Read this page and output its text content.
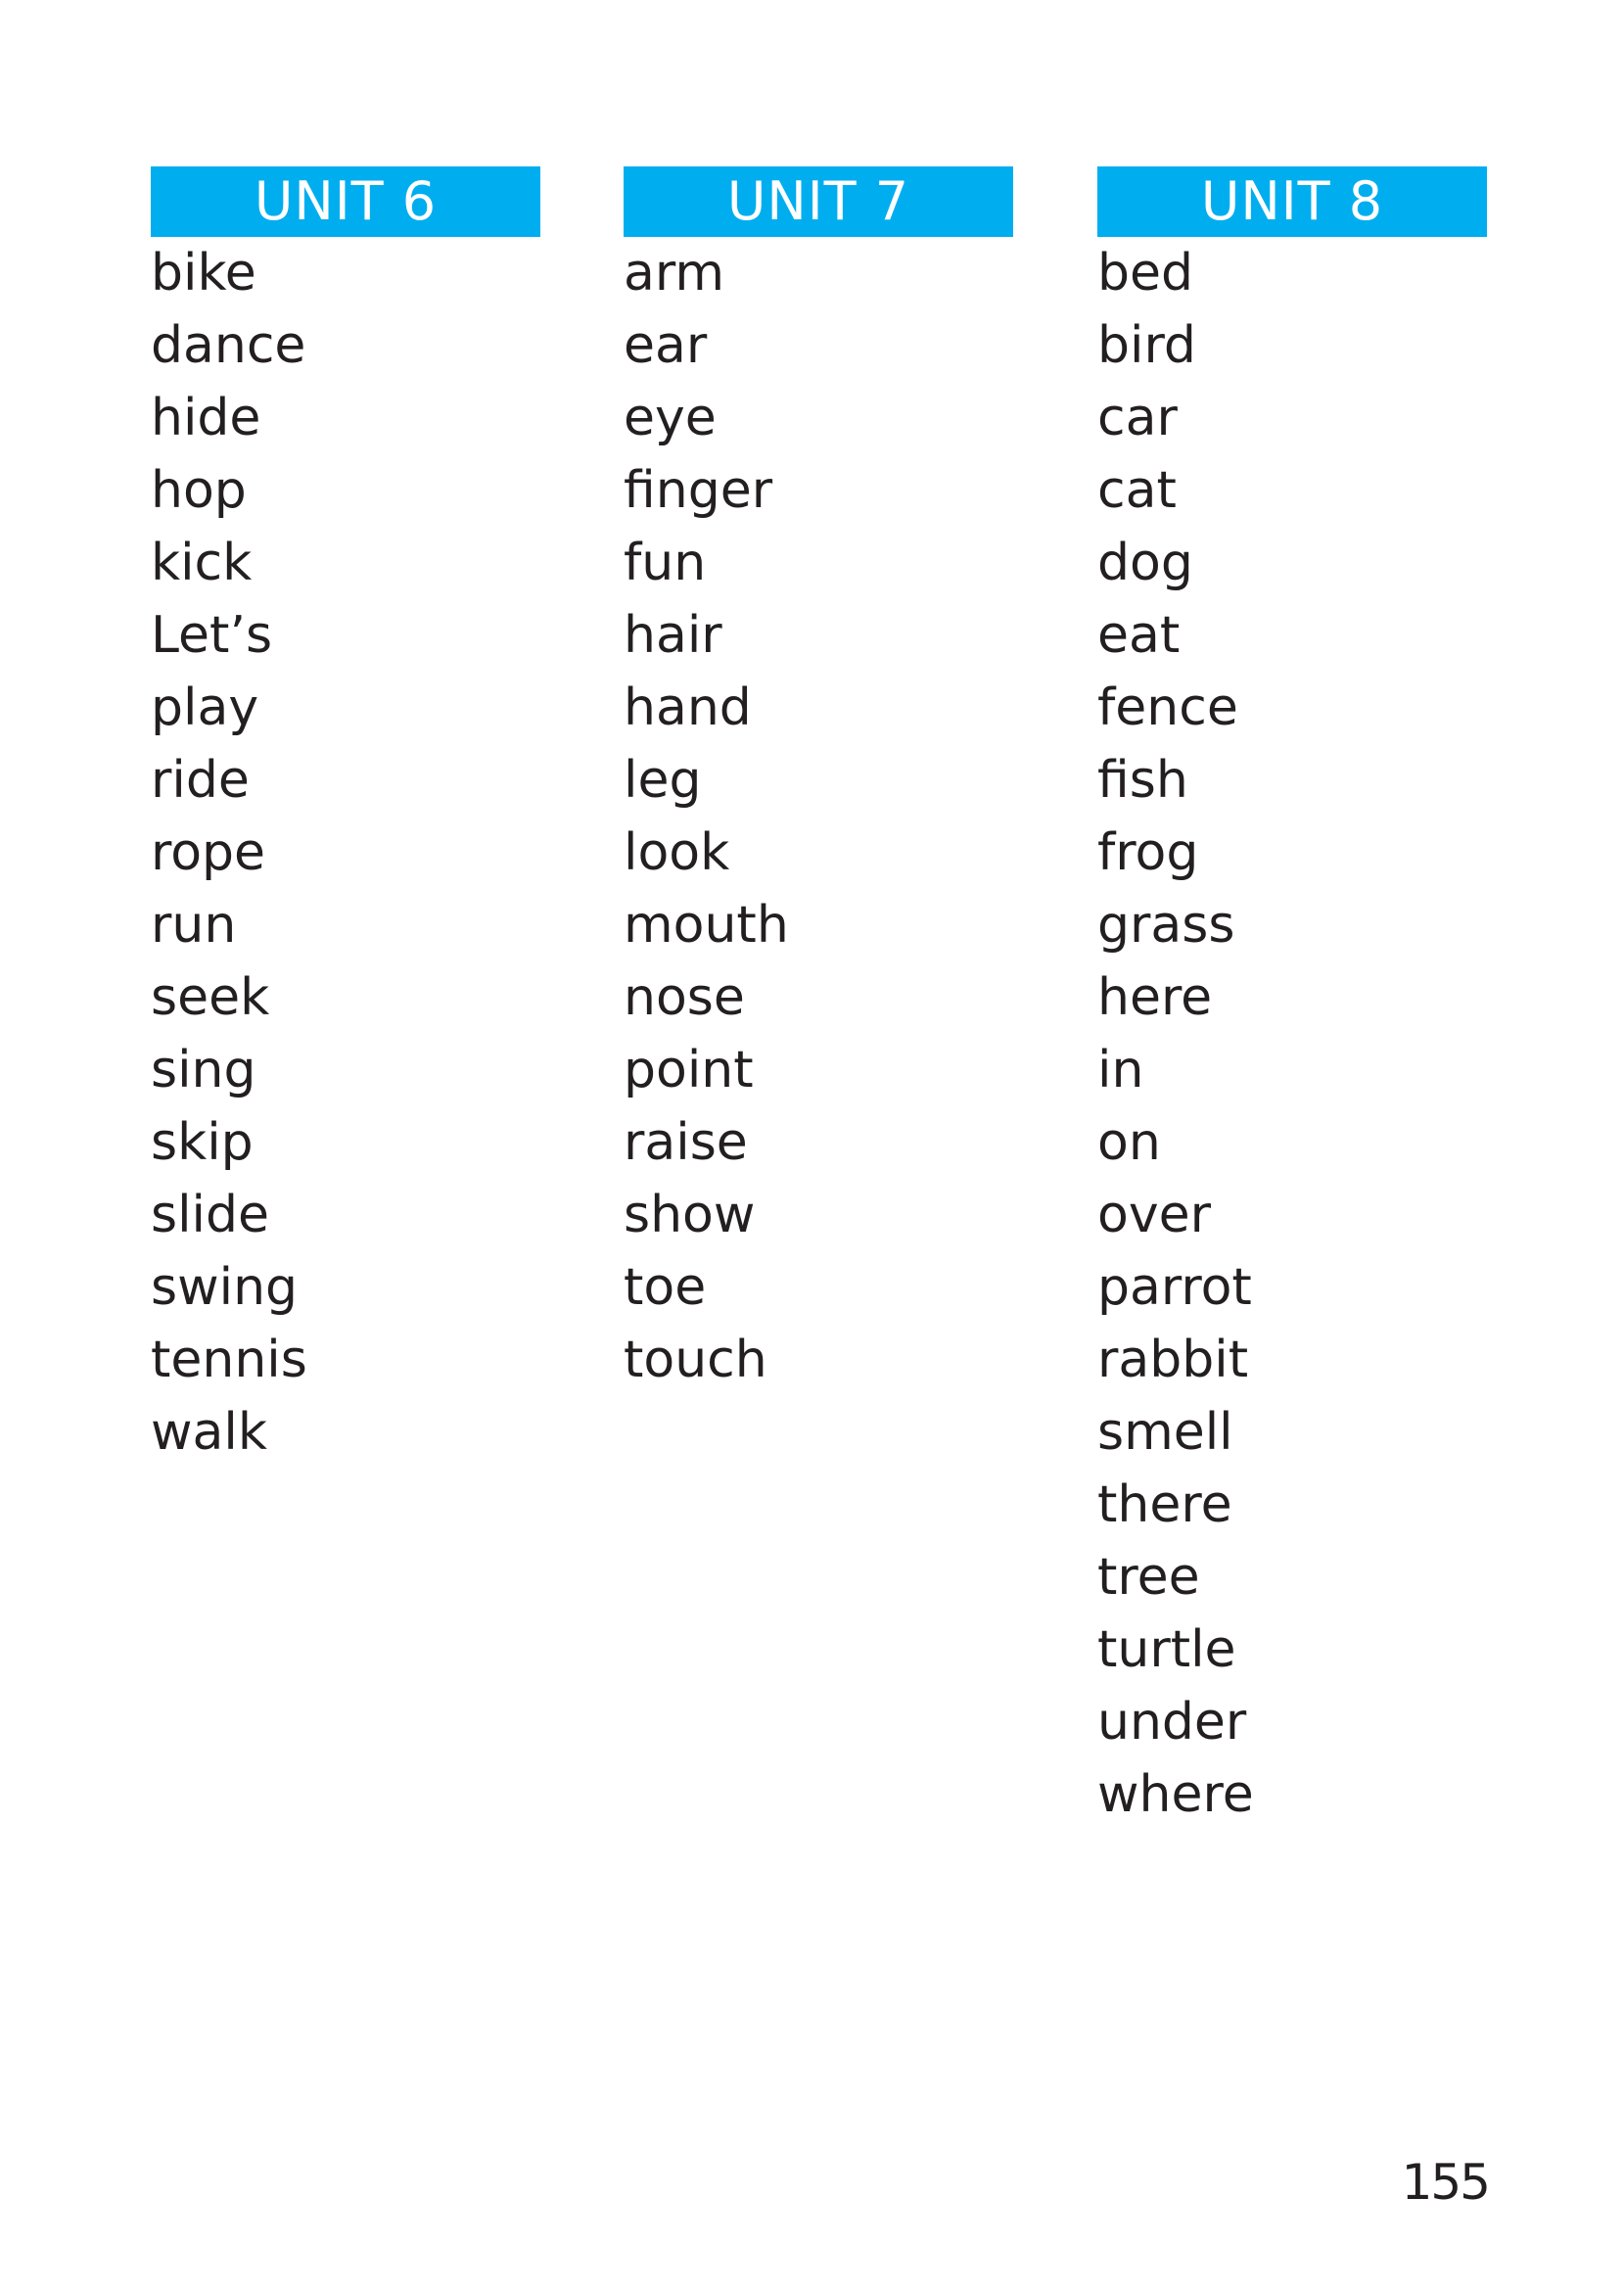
UNIT 6
bike
dance
hide
hop
kick
Let’s
play
ride
rope
run
seek
sing
skip
slide
swing
tennis
walk
UNIT 7
arm
ear
eye
finger
fun
hair
hand
leg
look
mouth
nose
point
raise
show
toe
touch
UNIT 8
bed
bird
car
cat
dog
eat
fence
fish
frog
grass
here
in
on
over
parrot
rabbit
smell
there
tree
turtle
under
where
155
